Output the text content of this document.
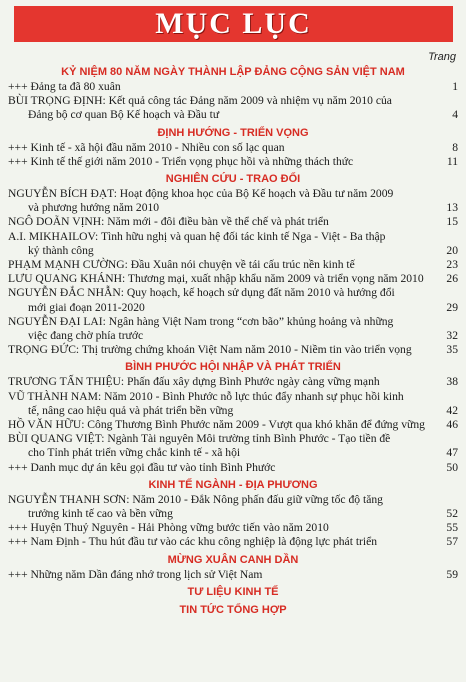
MỤC LỤC
Trang
KỶ NIỆM 80 NĂM NGÀY THÀNH LẬP ĐẢNG CỘNG SẢN VIỆT NAM
+++ Đảng ta đã 80 xuân	1
BÙI TRỌNG ĐỊNH: Kết quả công tác Đảng năm 2009 và nhiệm vụ năm 2010 của
Đảng bộ cơ quan Bộ Kế hoạch và Đầu tư	4
ĐỊNH HƯỚNG - TRIỂN VỌNG
+++ Kinh tế - xã hội đầu năm 2010 - Nhiều con số lạc quan	8
+++ Kinh tế thế giới năm 2010 - Triển vọng phục hồi và những thách thức	11
NGHIÊN CỨU - TRAO ĐỔI
NGUYỄN BÍCH ĐẠT: Hoạt động khoa học của Bộ Kế hoạch và Đầu tư năm 2009
và phương hướng năm 2010	13
NGÔ DOÃN VỊNH: Năm mới - đôi điều bàn về thể chế và phát triển	15
A.I. MIKHAILOV: Tình hữu nghị và quan hệ đối tác kinh tế Nga - Việt - Ba thập
kỷ thành công	20
PHẠM MẠNH CƯỜNG: Đầu Xuân nói chuyện về tái cấu trúc nền kinh tế	23
LƯU QUANG KHÁNH: Thương mại, xuất nhập khẩu năm 2009 và triển vọng năm 2010	26
NGUYỄN ĐẮC NHẪN: Quy hoạch, kế hoạch sử dụng đất năm 2010 và hướng đổi
mới giai đoạn 2011-2020	29
NGUYỄN ĐẠI LAI: Ngân hàng Việt Nam trong “cơn bão” khủng hoảng và những
việc đang chờ phía trước	32
TRỌNG ĐỨC: Thị trường chứng khoán Việt Nam năm 2010 - Niềm tin vào triển vọng	35
BÌNH PHƯỚC HỘI NHẬP VÀ PHÁT TRIỂN
TRƯƠNG TẤN THIỆU: Phấn đấu xây dựng Bình Phước ngày càng vững mạnh	38
VŨ THÀNH NAM: Năm 2010 - Bình Phước nỗ lực thúc đẩy nhanh sự phục hồi kinh
tế, nâng cao hiệu quả và phát triển bền vững	42
HỒ VĂN HỮU: Công Thương Bình Phước năm 2009 - Vượt qua khó khăn để đứng vững	46
BÙI QUANG VIỆT: Ngành Tài nguyên Môi trường tỉnh Bình Phước - Tạo tiền đề
cho Tỉnh phát triển vững chắc kinh tế - xã hội	47
+++ Danh mục dự án kêu gọi đầu tư vào tỉnh Bình Phước	50
KINH TẾ NGÀNH - ĐỊA PHƯƠNG
NGUYỄN THANH SƠN: Năm 2010 - Đắk Nông phấn đấu giữ vững tốc độ tăng
trưởng kinh tế cao và bền vững	52
+++ Huyện Thuỷ Nguyên - Hải Phòng vững bước tiến vào năm 2010	55
+++ Nam Định - Thu hút đầu tư vào các khu công nghiệp là động lực phát triển	57
MỪNG XUÂN CANH DẦN
+++ Những năm Dần đáng nhớ trong lịch sử Việt Nam	59
TƯ LIỆU KINH TẾ
TIN TỨC TỔNG HỢP
